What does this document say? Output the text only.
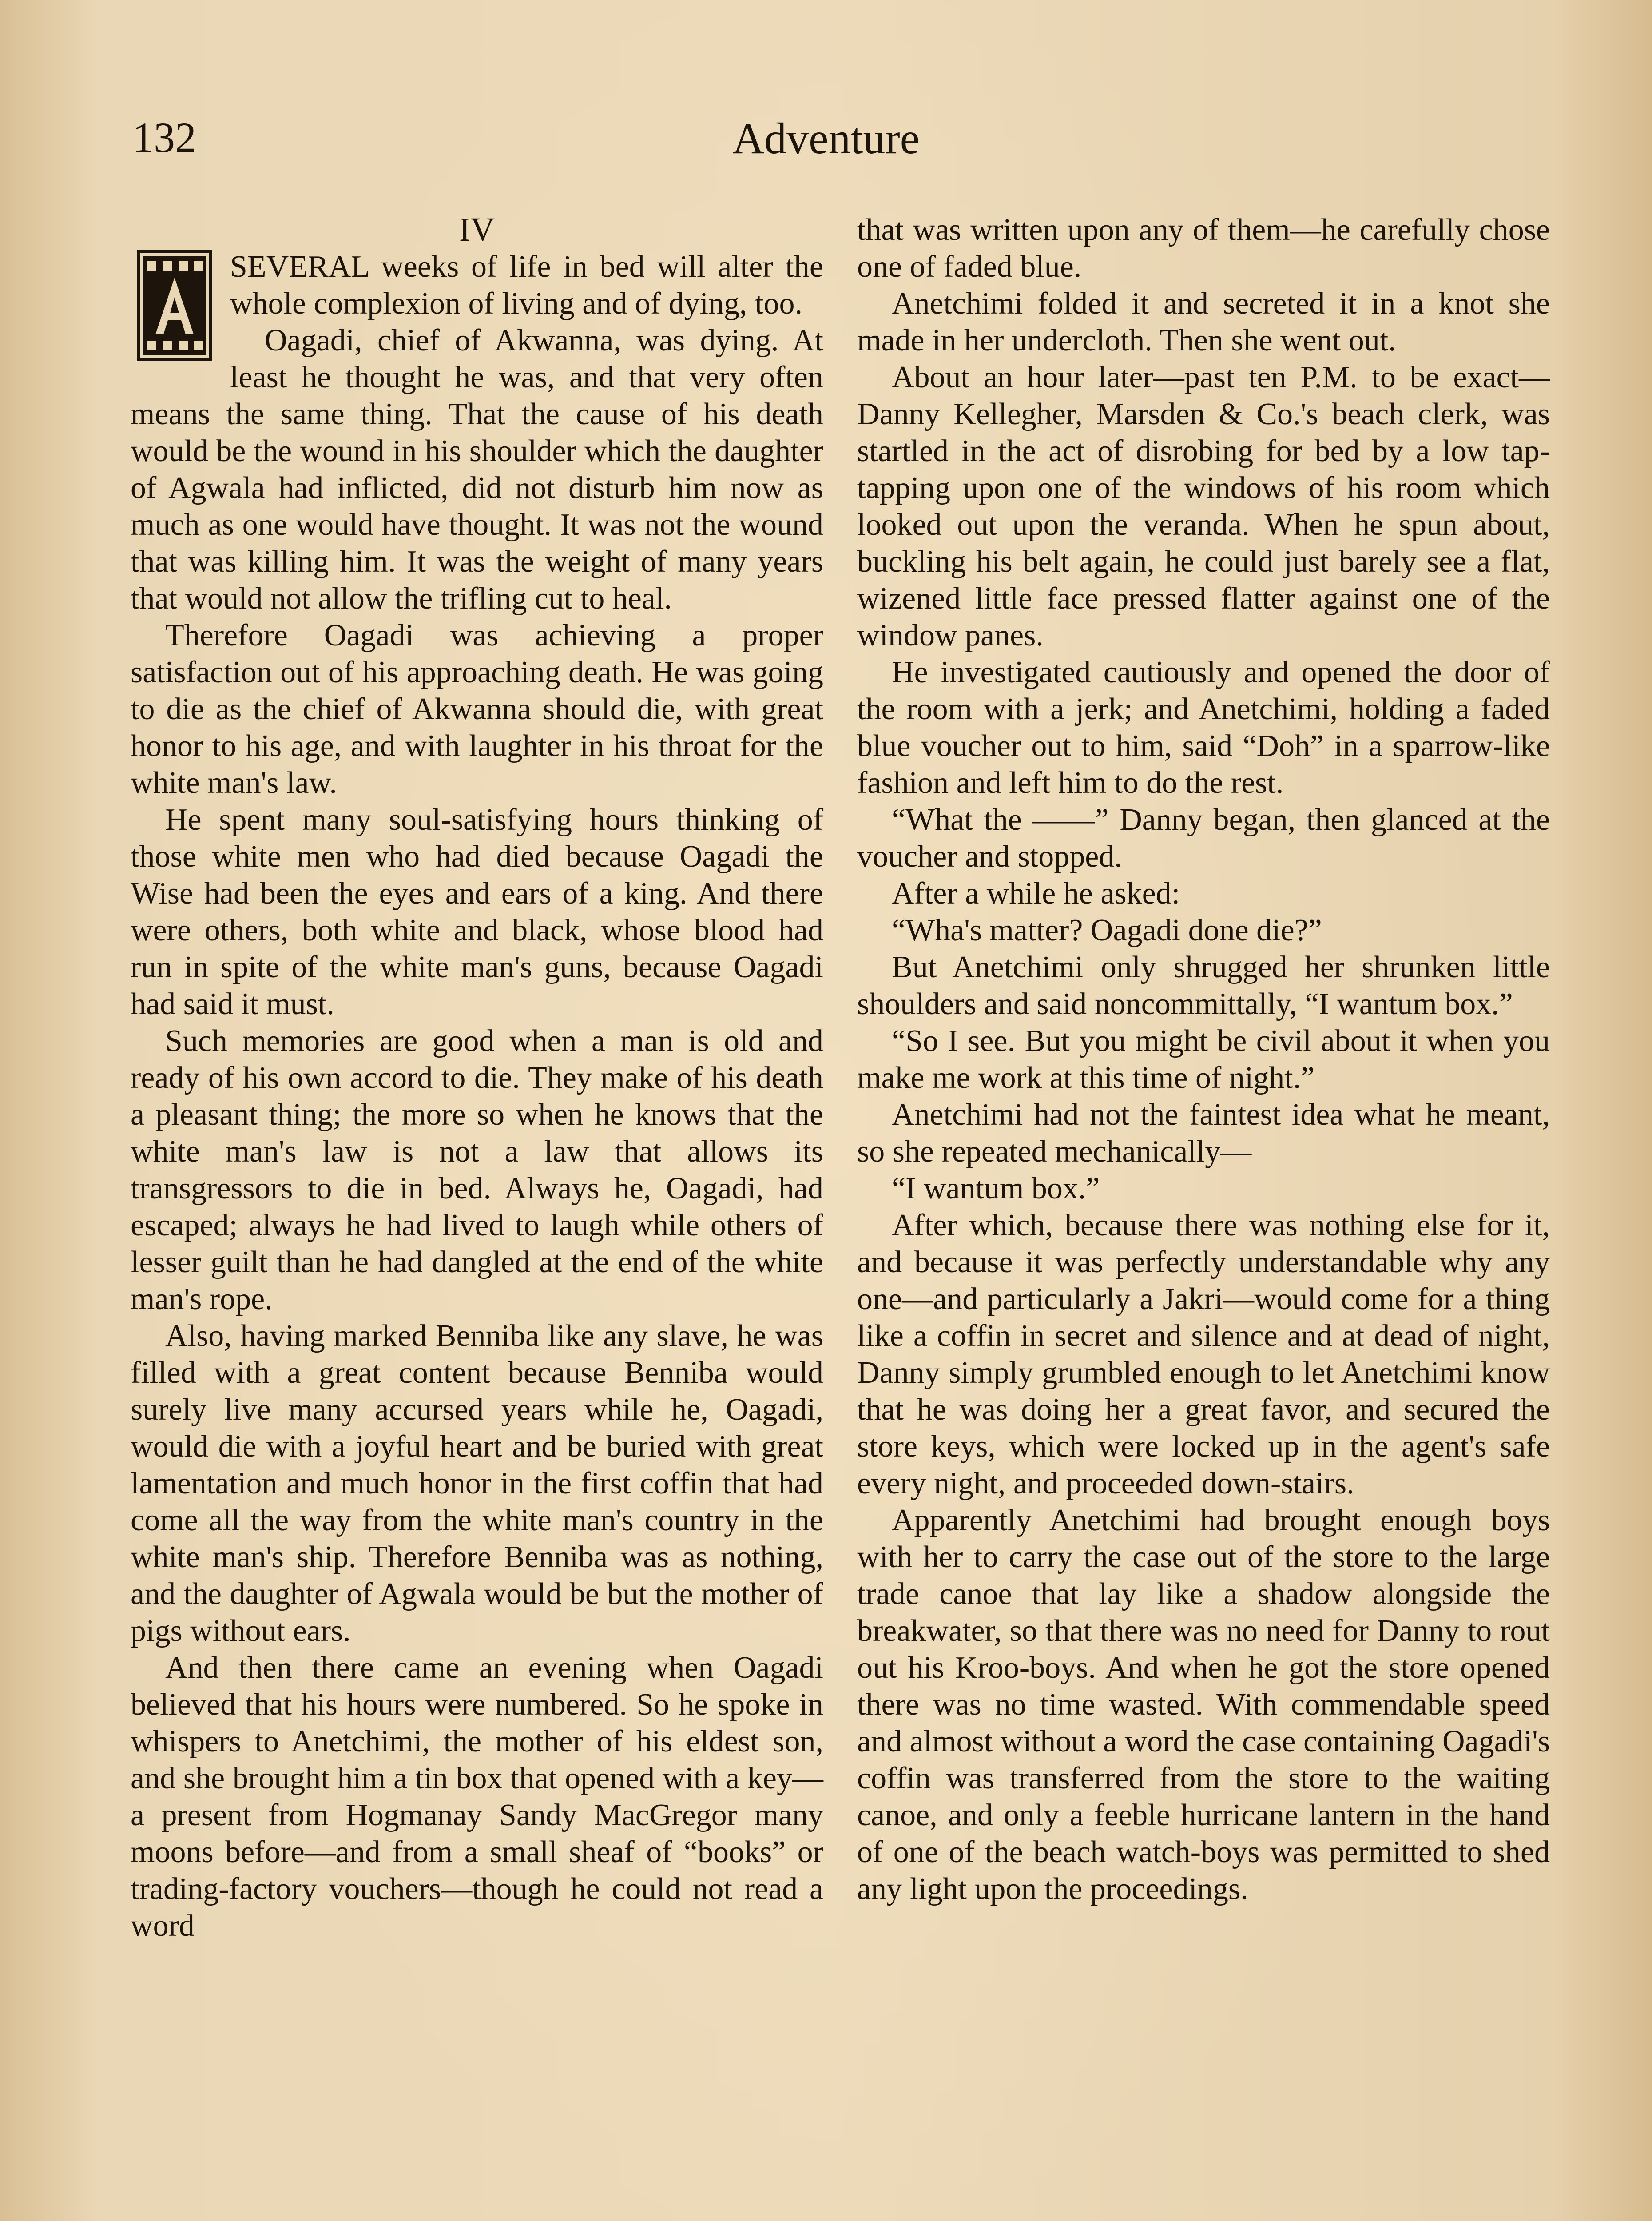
132	Adventure

IV

SEVERAL weeks of life in bed will alter the whole complexion of living and of dying, too.

Oagadi, chief of Akwanna, was dying. At least he thought he was, and that very often means the same thing. That the cause of his death would be the wound in his shoulder which the daughter of Agwala had inflicted, did not disturb him now as much as one would have thought. It was not the wound that was killing him. It was the weight of many years that would not allow the trifling cut to heal.

Therefore Oagadi was achieving a proper satisfaction out of his approaching death. He was going to die as the chief of Akwanna should die, with great honor to his age, and with laughter in his throat for the white man's law.

He spent many soul-satisfying hours thinking of those white men who had died because Oagadi the Wise had been the eyes and ears of a king. And there were others, both white and black, whose blood had run in spite of the white man's guns, because Oagadi had said it must.

Such memories are good when a man is old and ready of his own accord to die. They make of his death a pleasant thing; the more so when he knows that the white man's law is not a law that allows its transgressors to die in bed. Always he, Oagadi, had escaped; always he had lived to laugh while others of lesser guilt than he had dangled at the end of the white man's rope.

Also, having marked Benniba like any slave, he was filled with a great content because Benniba would surely live many accursed years while he, Oagadi, would die with a joyful heart and be buried with great lamentation and much honor in the first coffin that had come all the way from the white man's country in the white man's ship. Therefore Benniba was as nothing, and the daughter of Agwala would be but the mother of pigs without ears.

And then there came an evening when Oagadi believed that his hours were numbered. So he spoke in whispers to Anetchimi, the mother of his eldest son, and she brought him a tin box that opened with a key—a present from Hogmanay Sandy MacGregor many moons before—and from a small sheaf of “books” or trading-factory vouchers—though he could not read a word

that was written upon any of them—he carefully chose one of faded blue.

Anetchimi folded it and secreted it in a knot she made in her undercloth. Then she went out.

About an hour later—past ten P.M. to be exact—Danny Kellegher, Marsden & Co.'s beach clerk, was startled in the act of disrobing for bed by a low tap-tapping upon one of the windows of his room which looked out upon the veranda. When he spun about, buckling his belt again, he could just barely see a flat, wizened little face pressed flatter against one of the window panes.

He investigated cautiously and opened the door of the room with a jerk; and Anetchimi, holding a faded blue voucher out to him, said “Doh” in a sparrow-like fashion and left him to do the rest.

“What the ——” Danny began, then glanced at the voucher and stopped.

After a while he asked:

“Wha's matter? Oagadi done die?”

But Anetchimi only shrugged her shrunken little shoulders and said noncommittally, “I wantum box.”

“So I see. But you might be civil about it when you make me work at this time of night.”

Anetchimi had not the faintest idea what he meant, so she repeated mechanically—

“I wantum box.”

After which, because there was nothing else for it, and because it was perfectly understandable why any one—and particularly a Jakri—would come for a thing like a coffin in secret and silence and at dead of night, Danny simply grumbled enough to let Anetchimi know that he was doing her a great favor, and secured the store keys, which were locked up in the agent's safe every night, and proceeded down-stairs.

Apparently Anetchimi had brought enough boys with her to carry the case out of the store to the large trade canoe that lay like a shadow alongside the breakwater, so that there was no need for Danny to rout out his Kroo-boys. And when he got the store opened there was no time wasted. With commendable speed and almost without a word the case containing Oagadi's coffin was transferred from the store to the waiting canoe, and only a feeble hurricane lantern in the hand of one of the beach watch-boys was permitted to shed any light upon the proceedings.
